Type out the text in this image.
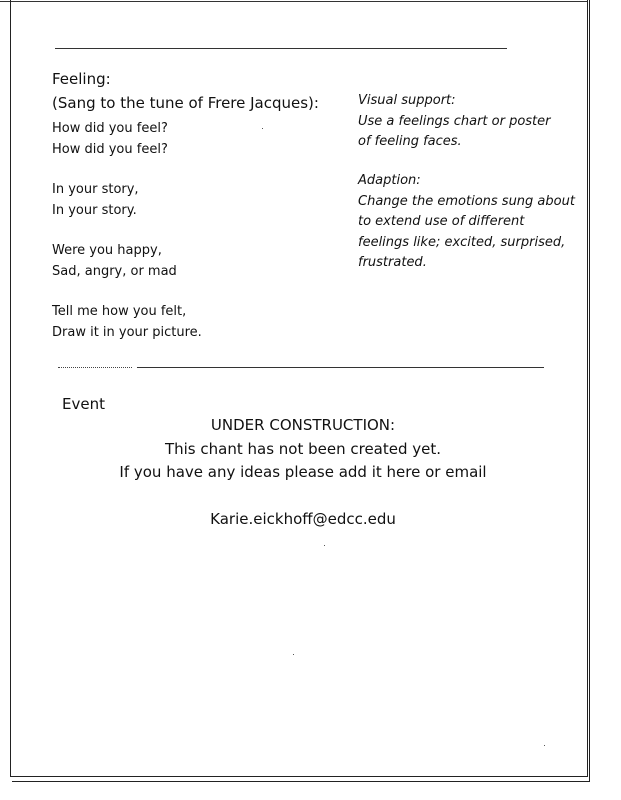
Feeling:
(Sang to the tune of Frere Jacques):
How did you feel?
How did you feel?
In your story,
In your story.
Were you happy,
Sad, angry, or mad
Tell me how you felt,
Draw it in your picture.
Visual support:
Use a feelings chart or poster
of feeling faces.
Adaption:
Change the emotions sung about
to extend use of different
feelings like; excited, surprised,
frustrated.
Event
UNDER CONSTRUCTION:
This chant has not been created yet.
If you have any ideas please add it here or email
Karie.eickhoff@edcc.edu
